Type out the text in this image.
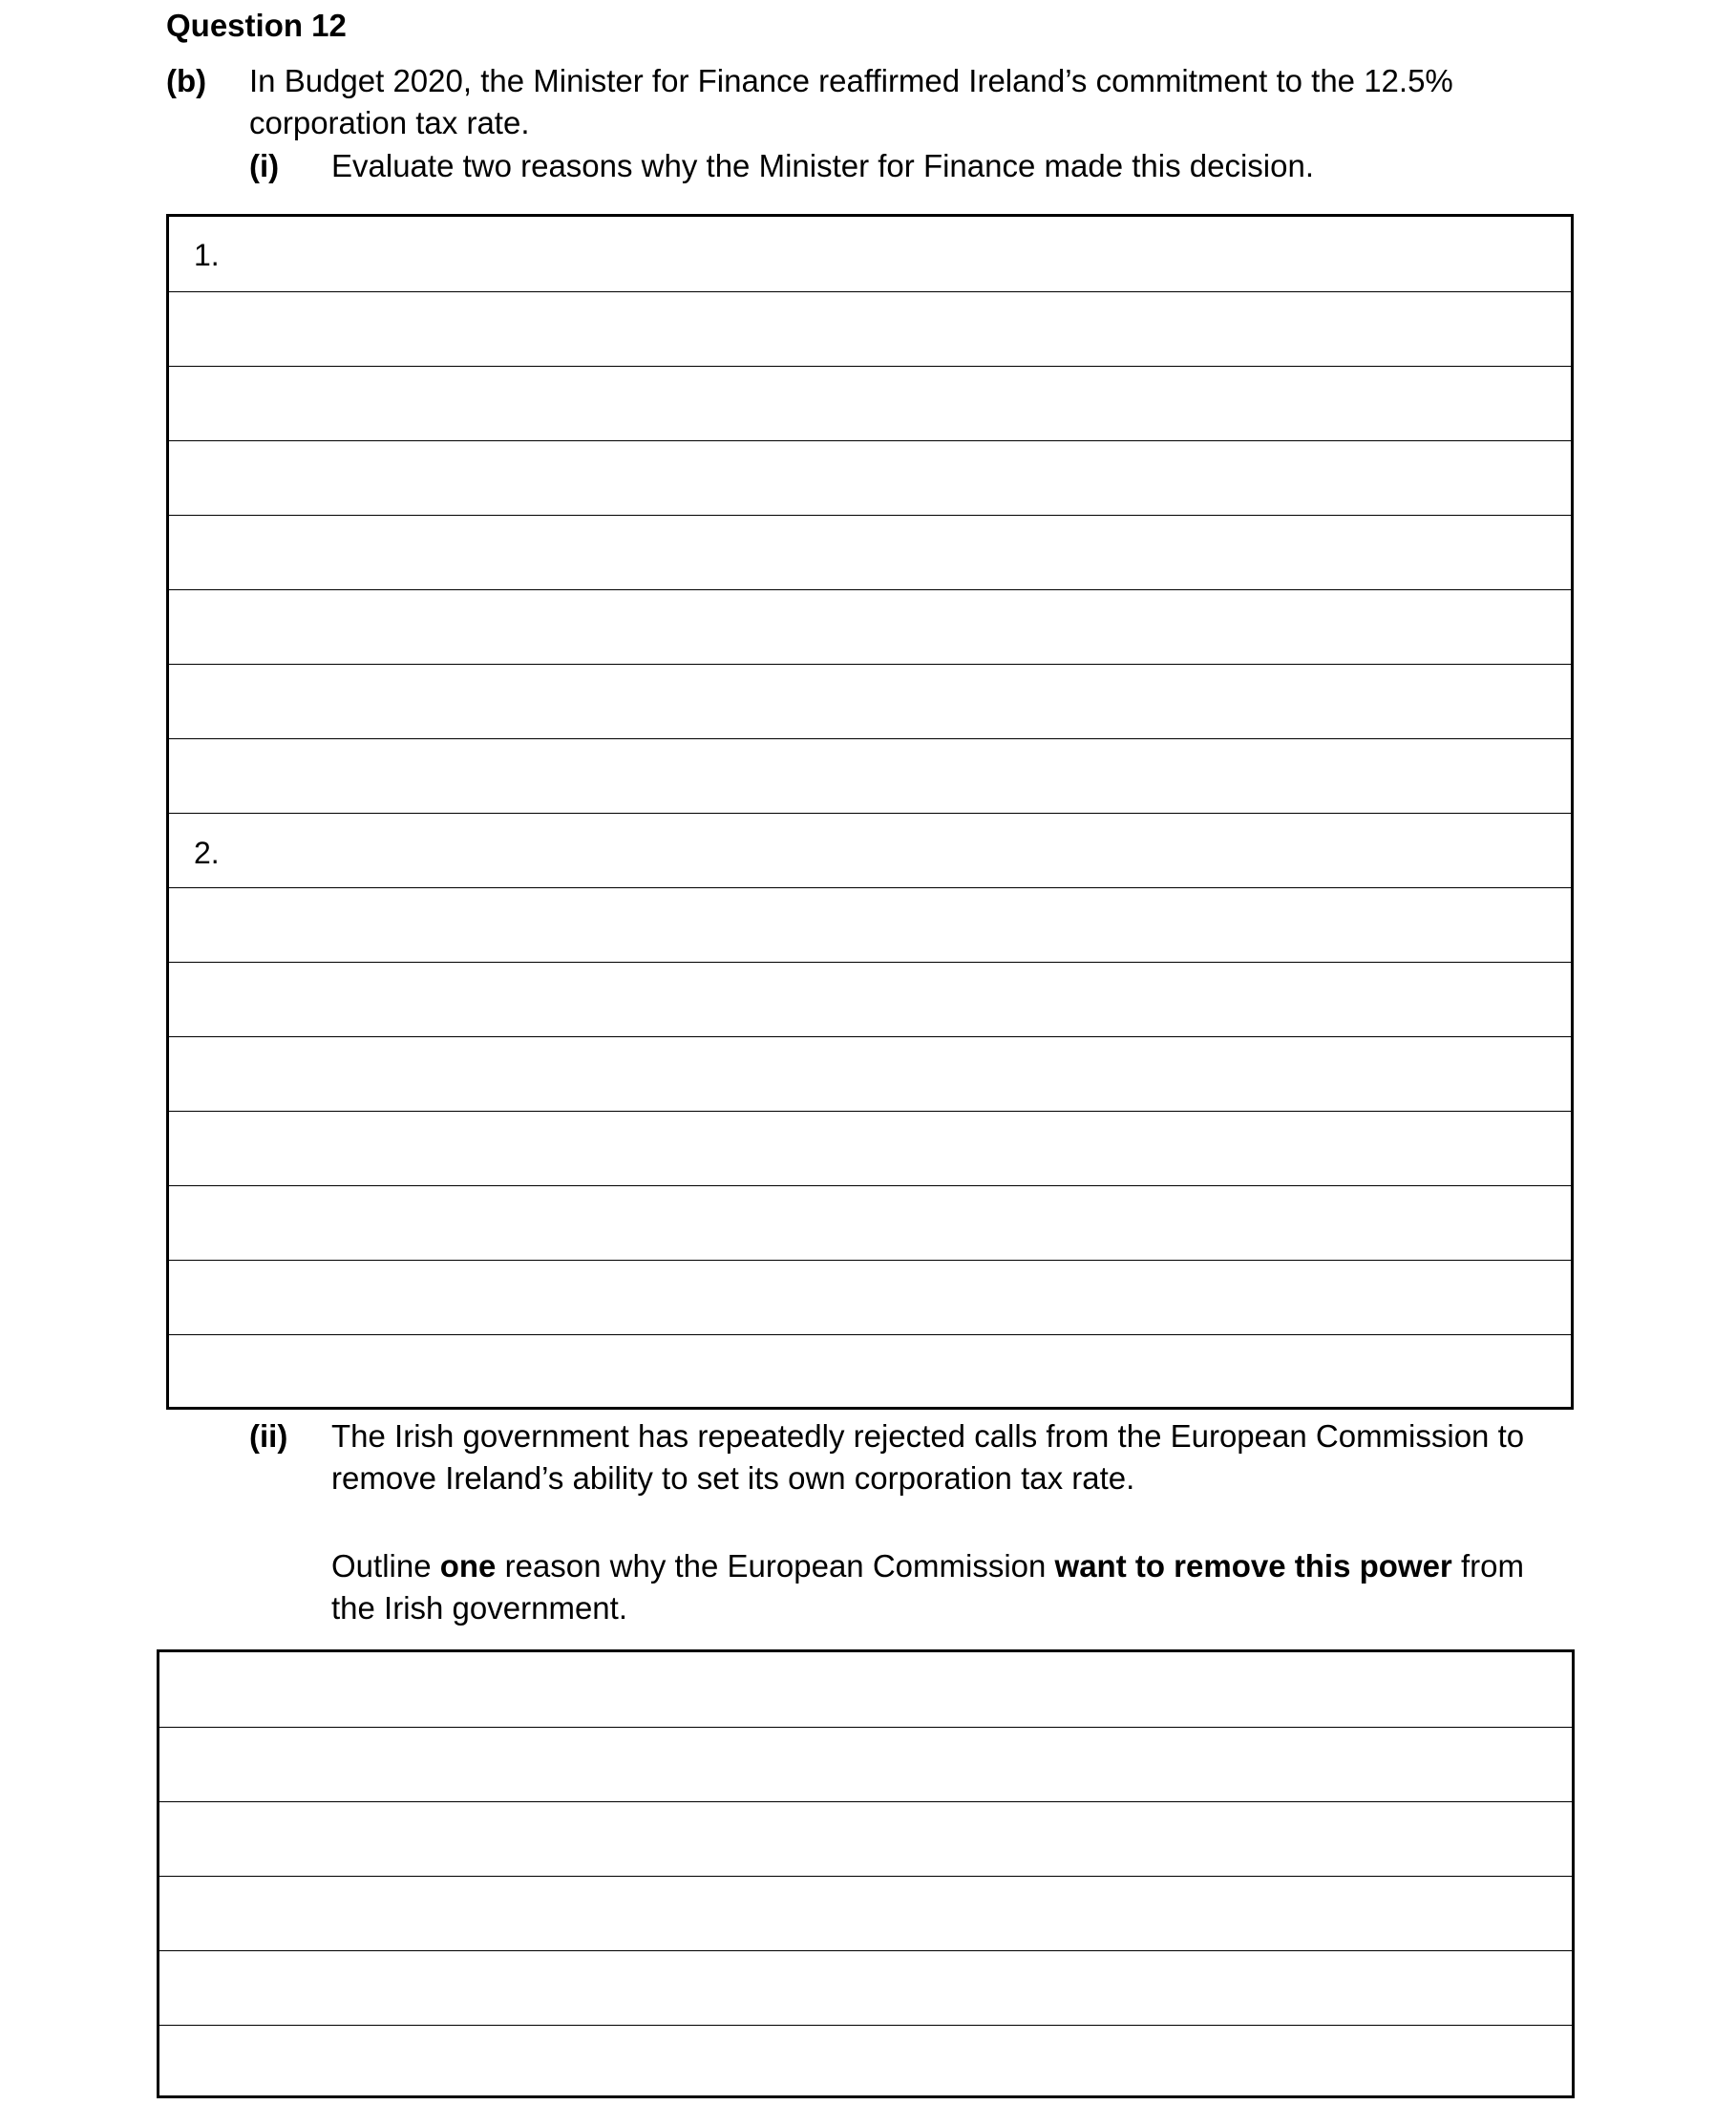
Question 12
(b) In Budget 2020, the Minister for Finance reaffirmed Ireland’s commitment to the 12.5%
corporation tax rate.
(i) Evaluate two reasons why the Minister for Finance made this decision.
1.
2.
(ii) The Irish government has repeatedly rejected calls from the European Commission to
remove Ireland’s ability to set its own corporation tax rate.
Outline one reason why the European Commission want to remove this power from
the Irish government.
